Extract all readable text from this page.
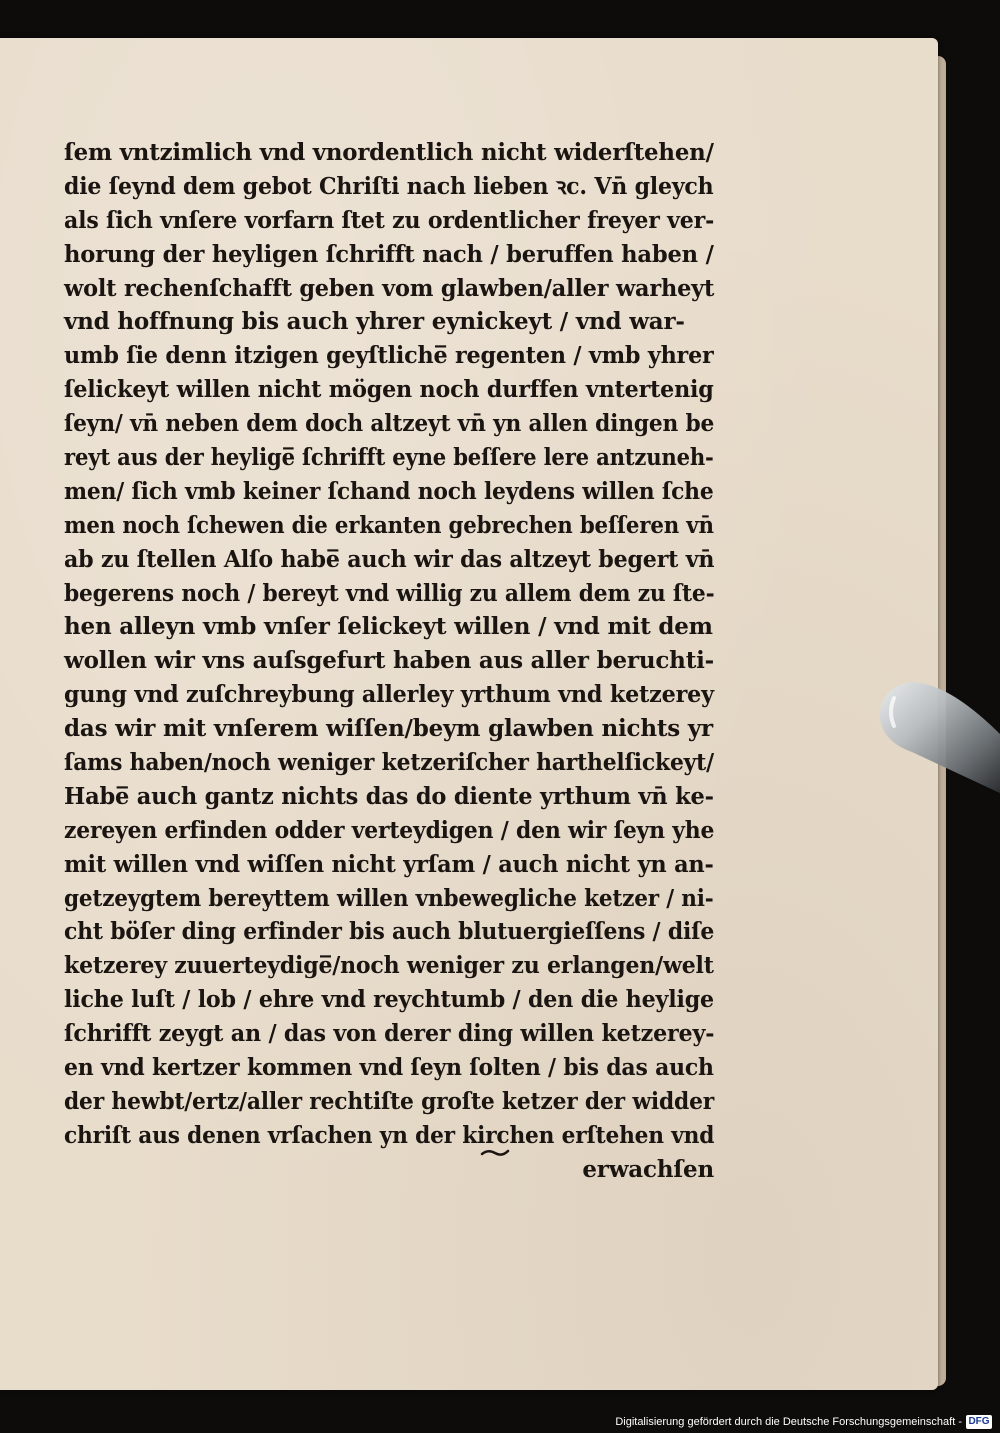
ſem vntzimlich vnd vnordentlich nicht widerſtehen/
die ſeynd dem gebot Chriſti nach lieben ꝛc. Vn̄ gleych
als ſich vnſere vorfarn ſtet zu ordentlicher freyer ver-
horung der heyligen ſchrifft nach / beruffen haben /
wolt rechenſchafft geben vom glawben/aller warheyt
vnd hoffnung bis auch yhrer eynickeyt / vnd war-
umb ſie denn itzigen geyſtliche̅ regenten / vmb yhrer
ſelickeyt willen nicht mögen noch durffen vntertenig
ſeyn/ vn̄ neben dem doch altzeyt vn̄ yn allen dingen be
reyt aus der heylige̅ ſchrifft eyne beſſere lere antzuneh-
men/ ſich vmb keiner ſchand noch leydens willen ſche
men noch ſchewen die erkanten gebrechen beſſeren vn̄
ab zu ſtellen Alſo habe̅ auch wir das altzeyt begert vn̄
begerens noch / bereyt vnd willig zu allem dem zu ſte-
hen alleyn vmb vnſer ſelickeyt willen / vnd mit dem
wollen wir vns auſsgefurt haben aus aller beruchti-
gung vnd zuſchreybung allerley yrthum vnd ketzerey
das wir mit vnſerem wiſſen/beym glawben nichts yr
ſams haben/noch weniger ketzeriſcher harthelſickeyt/
Habe̅ auch gantz nichts das do diente yrthum vn̄ ke-
zereyen erfinden odder verteydigen / den wir ſeyn yhe
mit willen vnd wiſſen nicht yrſam / auch nicht yn an-
getzeygtem bereyttem willen vnbewegliche ketzer / ni-
cht böſer ding erfinder bis auch blutuergieſſens / diſe
ketzerey zuuerteydige̅/noch weniger zu erlangen/welt
liche luſt / lob / ehre vnd reychtumb / den die heylige
ſchrifft zeygt an / das von derer ding willen ketzerey-
en vnd kertzer kommen vnd ſeyn ſolten / bis das auch
der hewbt/ertz/aller rechtiſte groſte ketzer der widder
chriſt aus denen vrſachen yn der kirchen erſtehen vnd
erwachſen
Digitalisierung gefördert durch die Deutsche Forschungsgemeinschaft - DFG
